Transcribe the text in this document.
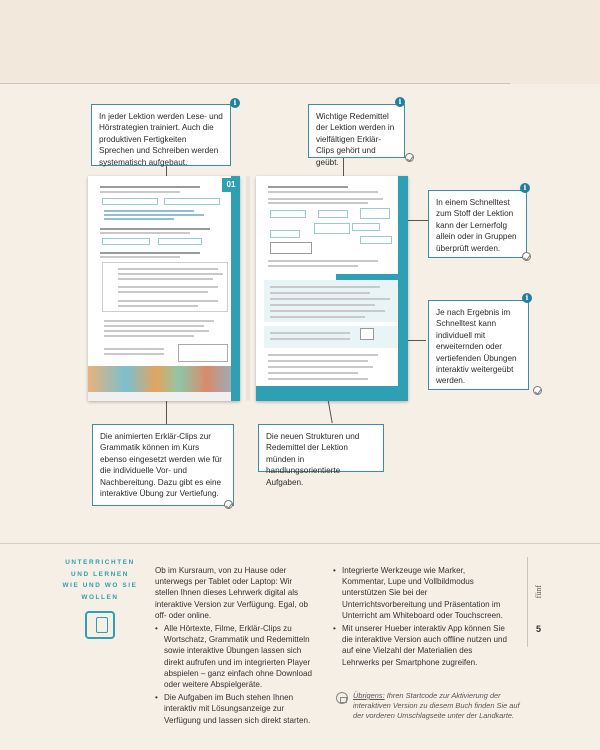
01
In jeder Lektion werden Lese- und Hörstrategien trainiert. Auch die produktiven Fertigkeiten Sprechen und Schreiben werden systematisch aufgebaut.
i
Wichtige Redemittel der Lektion werden in vielfältigen Erklär-Clips gehört und geübt.
i
In einem Schnelltest zum Stoff der Lektion kann der Lernerfolg allein oder in Gruppen überprüft werden.
i
Je nach Ergebnis im Schnelltest kann individuell mit erweiternden oder vertiefenden Übungen interaktiv weitergeübt werden.
i
Die animierten Erklär-Clips zur Grammatik können im Kurs ebenso eingesetzt werden wie für die individuelle Vor- und Nachbereitung. Dazu gibt es eine interaktive Übung zur Vertiefung.
Die neuen Strukturen und Redemittel der Lektion münden in handlungsorientierte Aufgaben.
UNTERRICHTEN
UND LERNEN
WIE UND WO SIE
WOLLEN

Ob im Kursraum, von zu Hause oder unterwegs per Tablet oder Laptop: Wir stellen Ihnen dieses Lehrwerk digital als interaktive Version zur Verfügung. Egal, ob off- oder online.

• Alle Hörtexte, Filme, Erklär-Clips zu Wortschatz, Grammatik und Redemitteln sowie interaktive Übungen lassen sich direkt aufrufen und im integrierten Player abspielen – ganz einfach ohne Download oder weitere Abspielgeräte.
• Die Aufgaben im Buch stehen Ihnen interaktiv mit Lösungsanzeige zur Verfügung und lassen sich direkt starten.
• Integrierte Werkzeuge wie Marker, Kommentar, Lupe und Vollbildmodus unterstützen Sie bei der Unterrichtsvorbereitung und Präsentation im Unterricht am Whiteboard oder Touchscreen.
• Mit unserer Hueber interaktiv App können Sie die interaktive Version auch offline nutzen und auf eine Vielzahl der Materialien des Lehrwerks per Smartphone zugreifen.
Übrigens: Ihren Startcode zur Aktivierung der interaktiven Version zu diesem Buch finden Sie auf der vorderen Umschlagseite unter der Landkarte.
fünf
5
